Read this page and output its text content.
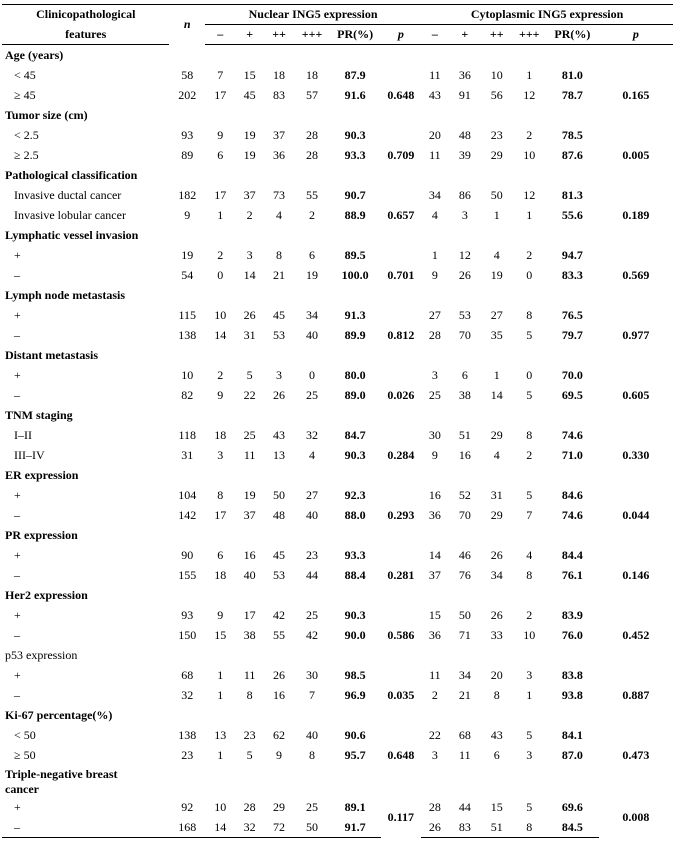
Clinicopathological	n	Nuclear ING5 expression						Cytoplasmic ING5 expression					
features		–	+	++	+++	PR(%)	p	–	+	++	+++	PR(%)	p
Age (years)													
< 45	58	7	15	18	18	87.9		11	36	10	1	81.0	
≥ 45	202	17	45	83	57	91.6	0.648	43	91	56	12	78.7	0.165
Tumor size (cm)													
< 2.5	93	9	19	37	28	90.3		20	48	23	2	78.5	
≥ 2.5	89	6	19	36	28	93.3	0.709	11	39	29	10	87.6	0.005
Pathological classification													
Invasive ductal cancer	182	17	37	73	55	90.7		34	86	50	12	81.3	
Invasive lobular cancer	9	1	2	4	2	88.9	0.657	4	3	1	1	55.6	0.189
Lymphatic vessel invasion													
+	19	2	3	8	6	89.5		1	12	4	2	94.7	
–	54	0	14	21	19	100.0	0.701	9	26	19	0	83.3	0.569
Lymph node metastasis													
+	115	10	26	45	34	91.3		27	53	27	8	76.5	
–	138	14	31	53	40	89.9	0.812	28	70	35	5	79.7	0.977
Distant metastasis													
+	10	2	5	3	0	80.0		3	6	1	0	70.0	
–	82	9	22	26	25	89.0	0.026	25	38	14	5	69.5	0.605
TNM staging													
I–II	118	18	25	43	32	84.7		30	51	29	8	74.6	
III–IV	31	3	11	13	4	90.3	0.284	9	16	4	2	71.0	0.330
ER expression													
+	104	8	19	50	27	92.3		16	52	31	5	84.6	
–	142	17	37	48	40	88.0	0.293	36	70	29	7	74.6	0.044
PR expression													
+	90	6	16	45	23	93.3		14	46	26	4	84.4	
–	155	18	40	53	44	88.4	0.281	37	76	34	8	76.1	0.146
Her2 expression													
+	93	9	17	42	25	90.3		15	50	26	2	83.9	
–	150	15	38	55	42	90.0	0.586	36	71	33	10	76.0	0.452
p53 expression													
+	68	1	11	26	30	98.5		11	34	20	3	83.8	
–	32	1	8	16	7	96.9	0.035	2	21	8	1	93.8	0.887
Ki-67 percentage(%)													
< 50	138	13	23	62	40	90.6		22	68	43	5	84.1	
≥ 50	23	1	5	9	8	95.7	0.648	3	11	6	3	87.0	0.473

Triple-negative breast
cancer													

+	92	10	28	29	25	89.1	0.117	28	44	15	5	69.6	0.008
–	168	14	32	72	50	91.7		26	83	51	8	84.5	
